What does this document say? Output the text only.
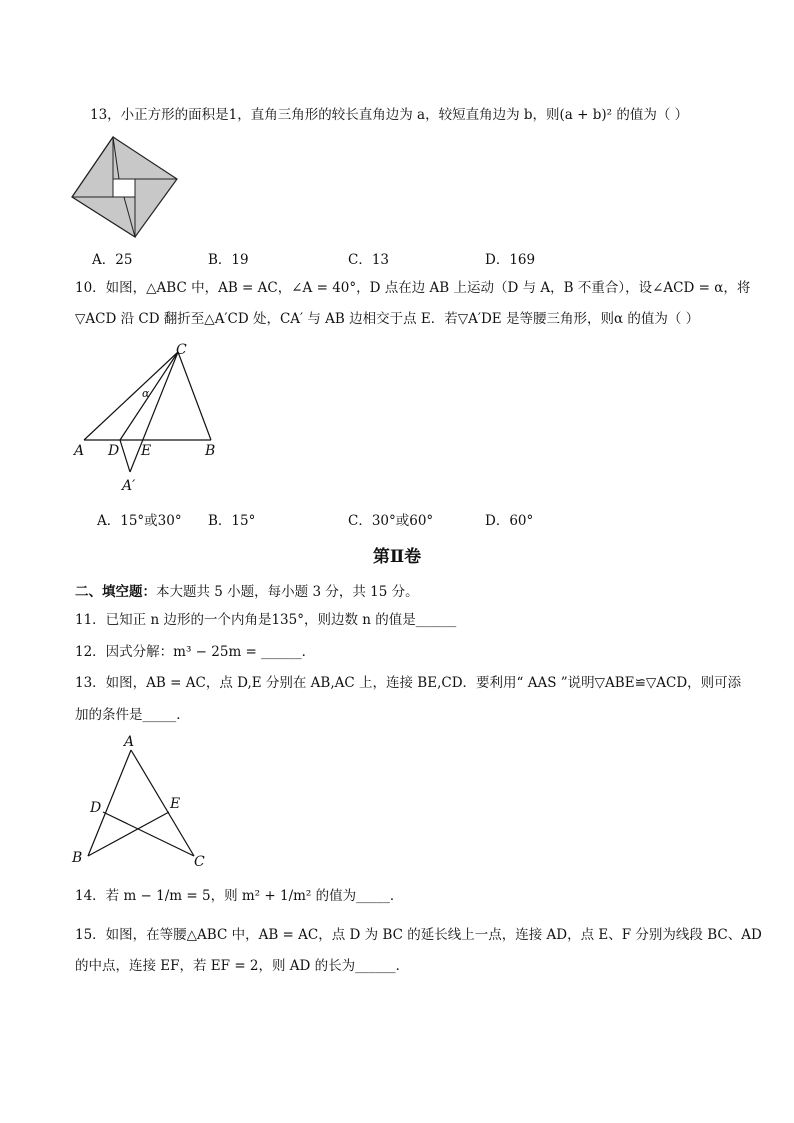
13，小正方形的面积是1，直角三角形的较长直角边为 a，较短直角边为 b，则(a + b)² 的值为（ ）
A．25	B．19	C．13	D．169
10．如图，△ABC 中，AB = AC，∠A = 40°，D 点在边 AB 上运动（D 与 A，B 不重合），设∠ACD = α，将
▽ACD 沿 CD 翻折至△A′CD 处，CA′ 与 AB 边相交于点 E．若▽A′DE 是等腰三角形，则α 的值为（ ）
C
A D E	B
A′
α
A．15°或30° B．15°	C．30°或60°	D．60°
第Ⅱ卷
二、填空题：本大题共 5 小题，每小题 3 分，共 15 分。
11．已知正 n 边形的一个内角是135°，则边数 n 的值是______
12．因式分解：m³ − 25m = ______．
13．如图，AB = AC，点 D,E 分别在 AB,AC 上，连接 BE,CD．要利用“ AAS ”说明▽ABE≌▽ACD，则可添
加的条件是_____．
A
D	E
B	C
14．若 m − 1/m = 5，则 m² + 1/m² 的值为_____．
15．如图，在等腰△ABC 中，AB = AC，点 D 为 BC 的延长线上一点，连接 AD，点 E、F 分别为线段 BC、AD
的中点，连接 EF，若 EF = 2，则 AD 的长为______．
